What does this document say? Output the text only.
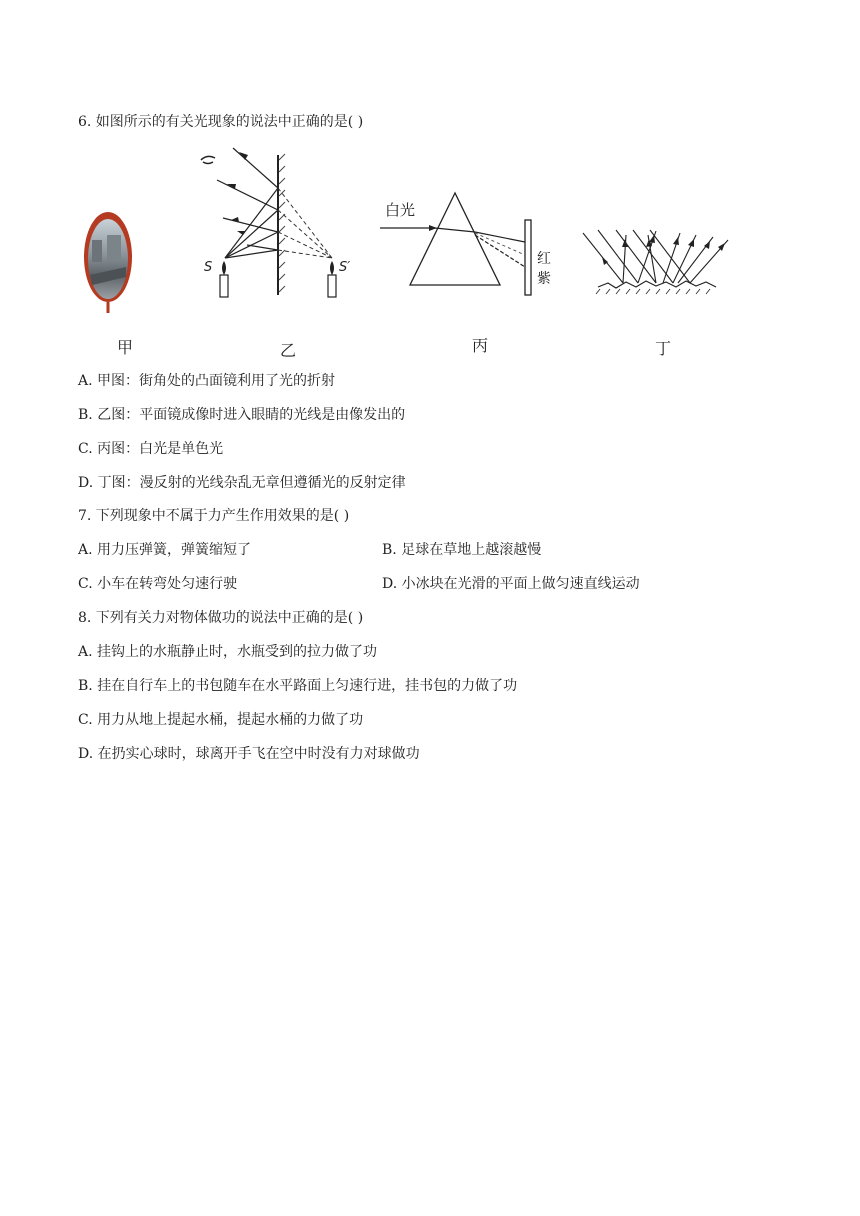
6. 如图所示的有关光现象的说法中正确的是( )
甲
S	S′
乙
白光
红
紫
丙	丁
A. 甲图：街角处的凸面镜利用了光的折射
B. 乙图：平面镜成像时进入眼睛的光线是由像发出的
C. 丙图：白光是单色光
D. 丁图：漫反射的光线杂乱无章但遵循光的反射定律
7. 下列现象中不属于力产生作用效果的是( )
A. 用力压弹簧，弹簧缩短了	B. 足球在草地上越滚越慢
C. 小车在转弯处匀速行驶	D. 小冰块在光滑的平面上做匀速直线运动
8. 下列有关力对物体做功的说法中正确的是( )
A. 挂钩上的水瓶静止时，水瓶受到的拉力做了功
B. 挂在自行车上的书包随车在水平路面上匀速行进，挂书包的力做了功
C. 用力从地上提起水桶，提起水桶的力做了功
D. 在扔实心球时，球离开手飞在空中时没有力对球做功
